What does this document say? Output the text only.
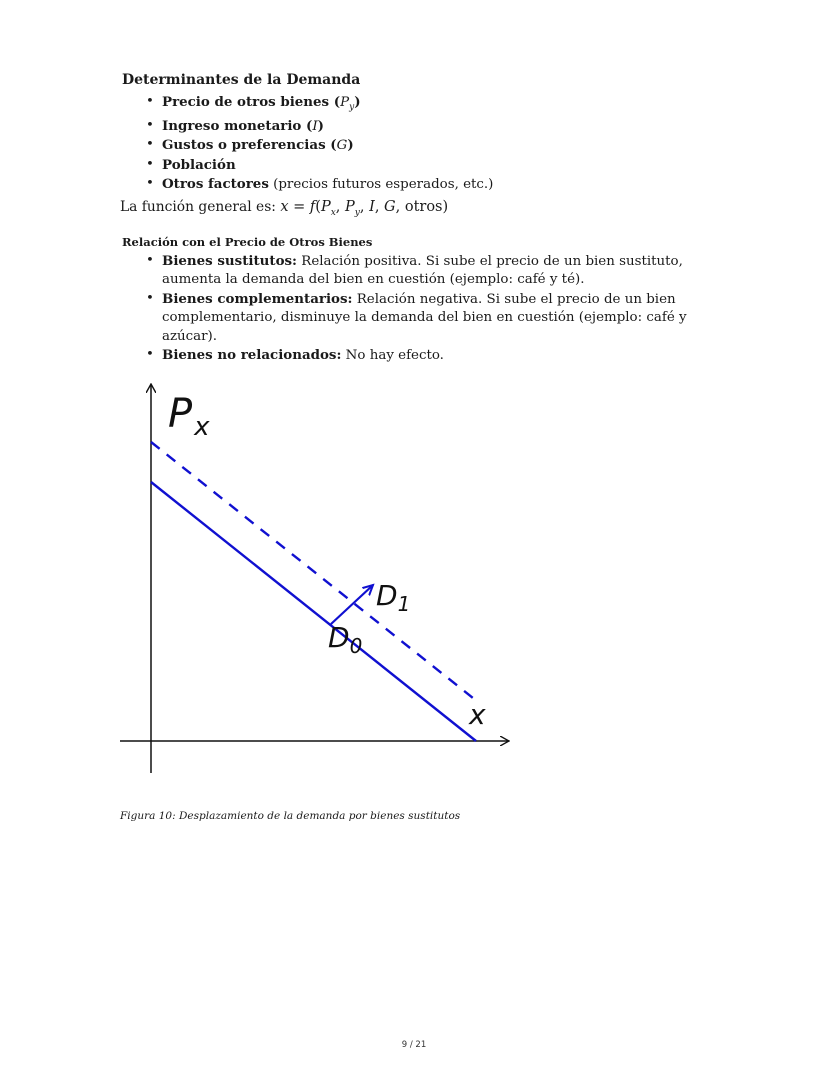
Determinantes de la Demanda
• Precio de otros bienes $(P_y)$
• Ingreso monetario (I)
• Gustos o preferencias (G)
• Población
• Otros factores (precios futuros esperados, etc.)
La función general es: $x = f(P_x$, $P_y$, I, G, otros)
Relación con el Precio de Otros Bienes
• Bienes sustitutos: Relación positiva. Si sube el precio de un bien sustituto, aumenta la demanda del bien en cuestión (ejemplo: café y té).
• Bienes complementarios: Relación negativa. Si sube el precio de un bien complementario, disminuye la demanda del bien en cuestión (ejemplo: café y azúcar).
• Bienes no relacionados: No hay efecto.
$P_x$
x
$D_1$
$D_0$
Figura 10: Desplazamiento de la demanda por bienes sustitutos
9 / 21
